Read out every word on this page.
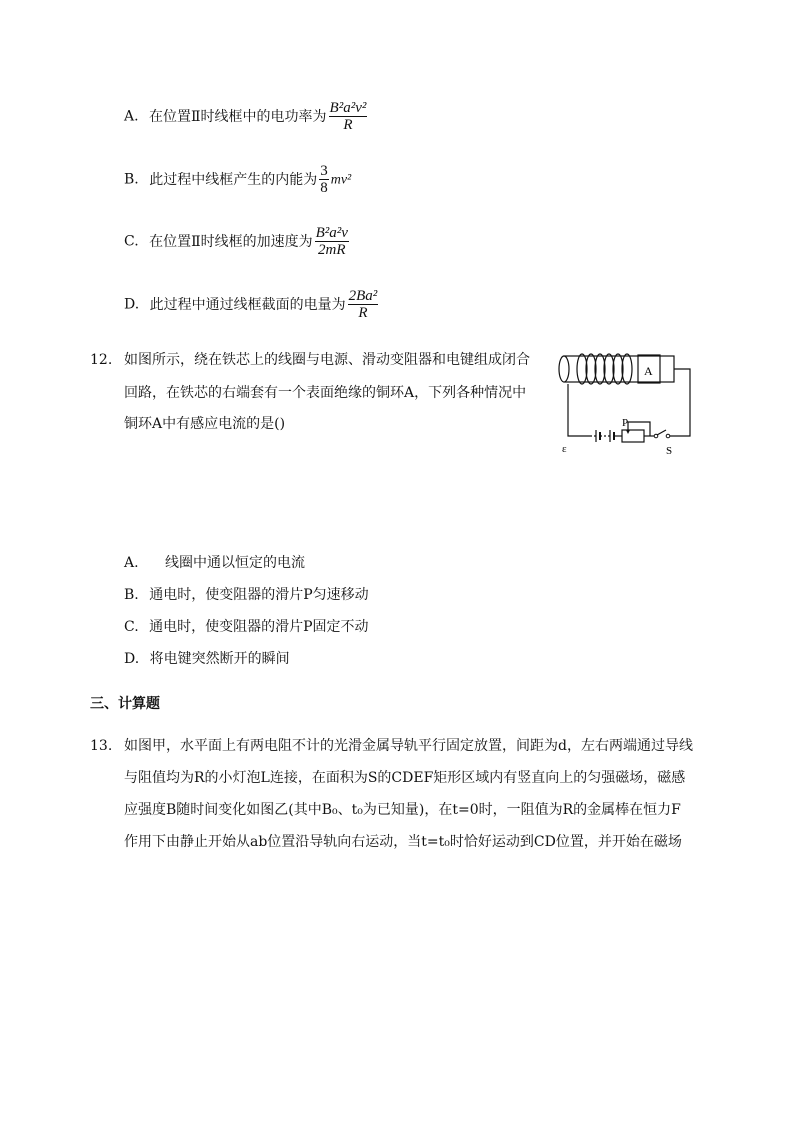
A. 在位置Ⅱ时线框中的电功率为 $\frac{\text{B²a²v²}}{R}$
B. 此过程中线框产生的内能为 $\frac{3}{8} mv^2$
C. 在位置Ⅱ时线框的加速度为 $\frac{\text{B²a²v}}{2mR}$
D. 此过程中通过线框截面的电量为 $\frac{\text{2Ba²}}{R}$
12. 如图所示，绕在铁芯上的线圈与电源、滑动变阻器和电键组成闭合
回路，在铁芯的右端套有一个表面绝缘的铜环A，下列各种情况中
铜环A中有感应电流的是()
A
P
ε	S
A. 线圈中通以恒定的电流
B. 通电时，使变阻器的滑片P匀速移动
C. 通电时，使变阻器的滑片P固定不动
D. 将电键突然断开的瞬间
三、计算题
13. 如图甲，水平面上有两电阻不计的光滑金属导轨平行固定放置，间距为d，左右两端通过导线
与阻值均为R的小灯泡L连接，在面积为S的CDEF矩形区域内有竖直向上的匀强磁场，磁感
应强度B随时间变化如图乙(其中B₀、t₀为已知量)，在t=0时，一阻值为R的金属棒在恒力F
作用下由静止开始从ab位置沿导轨向右运动，当t=t₀时恰好运动到CD位置，并开始在磁场
